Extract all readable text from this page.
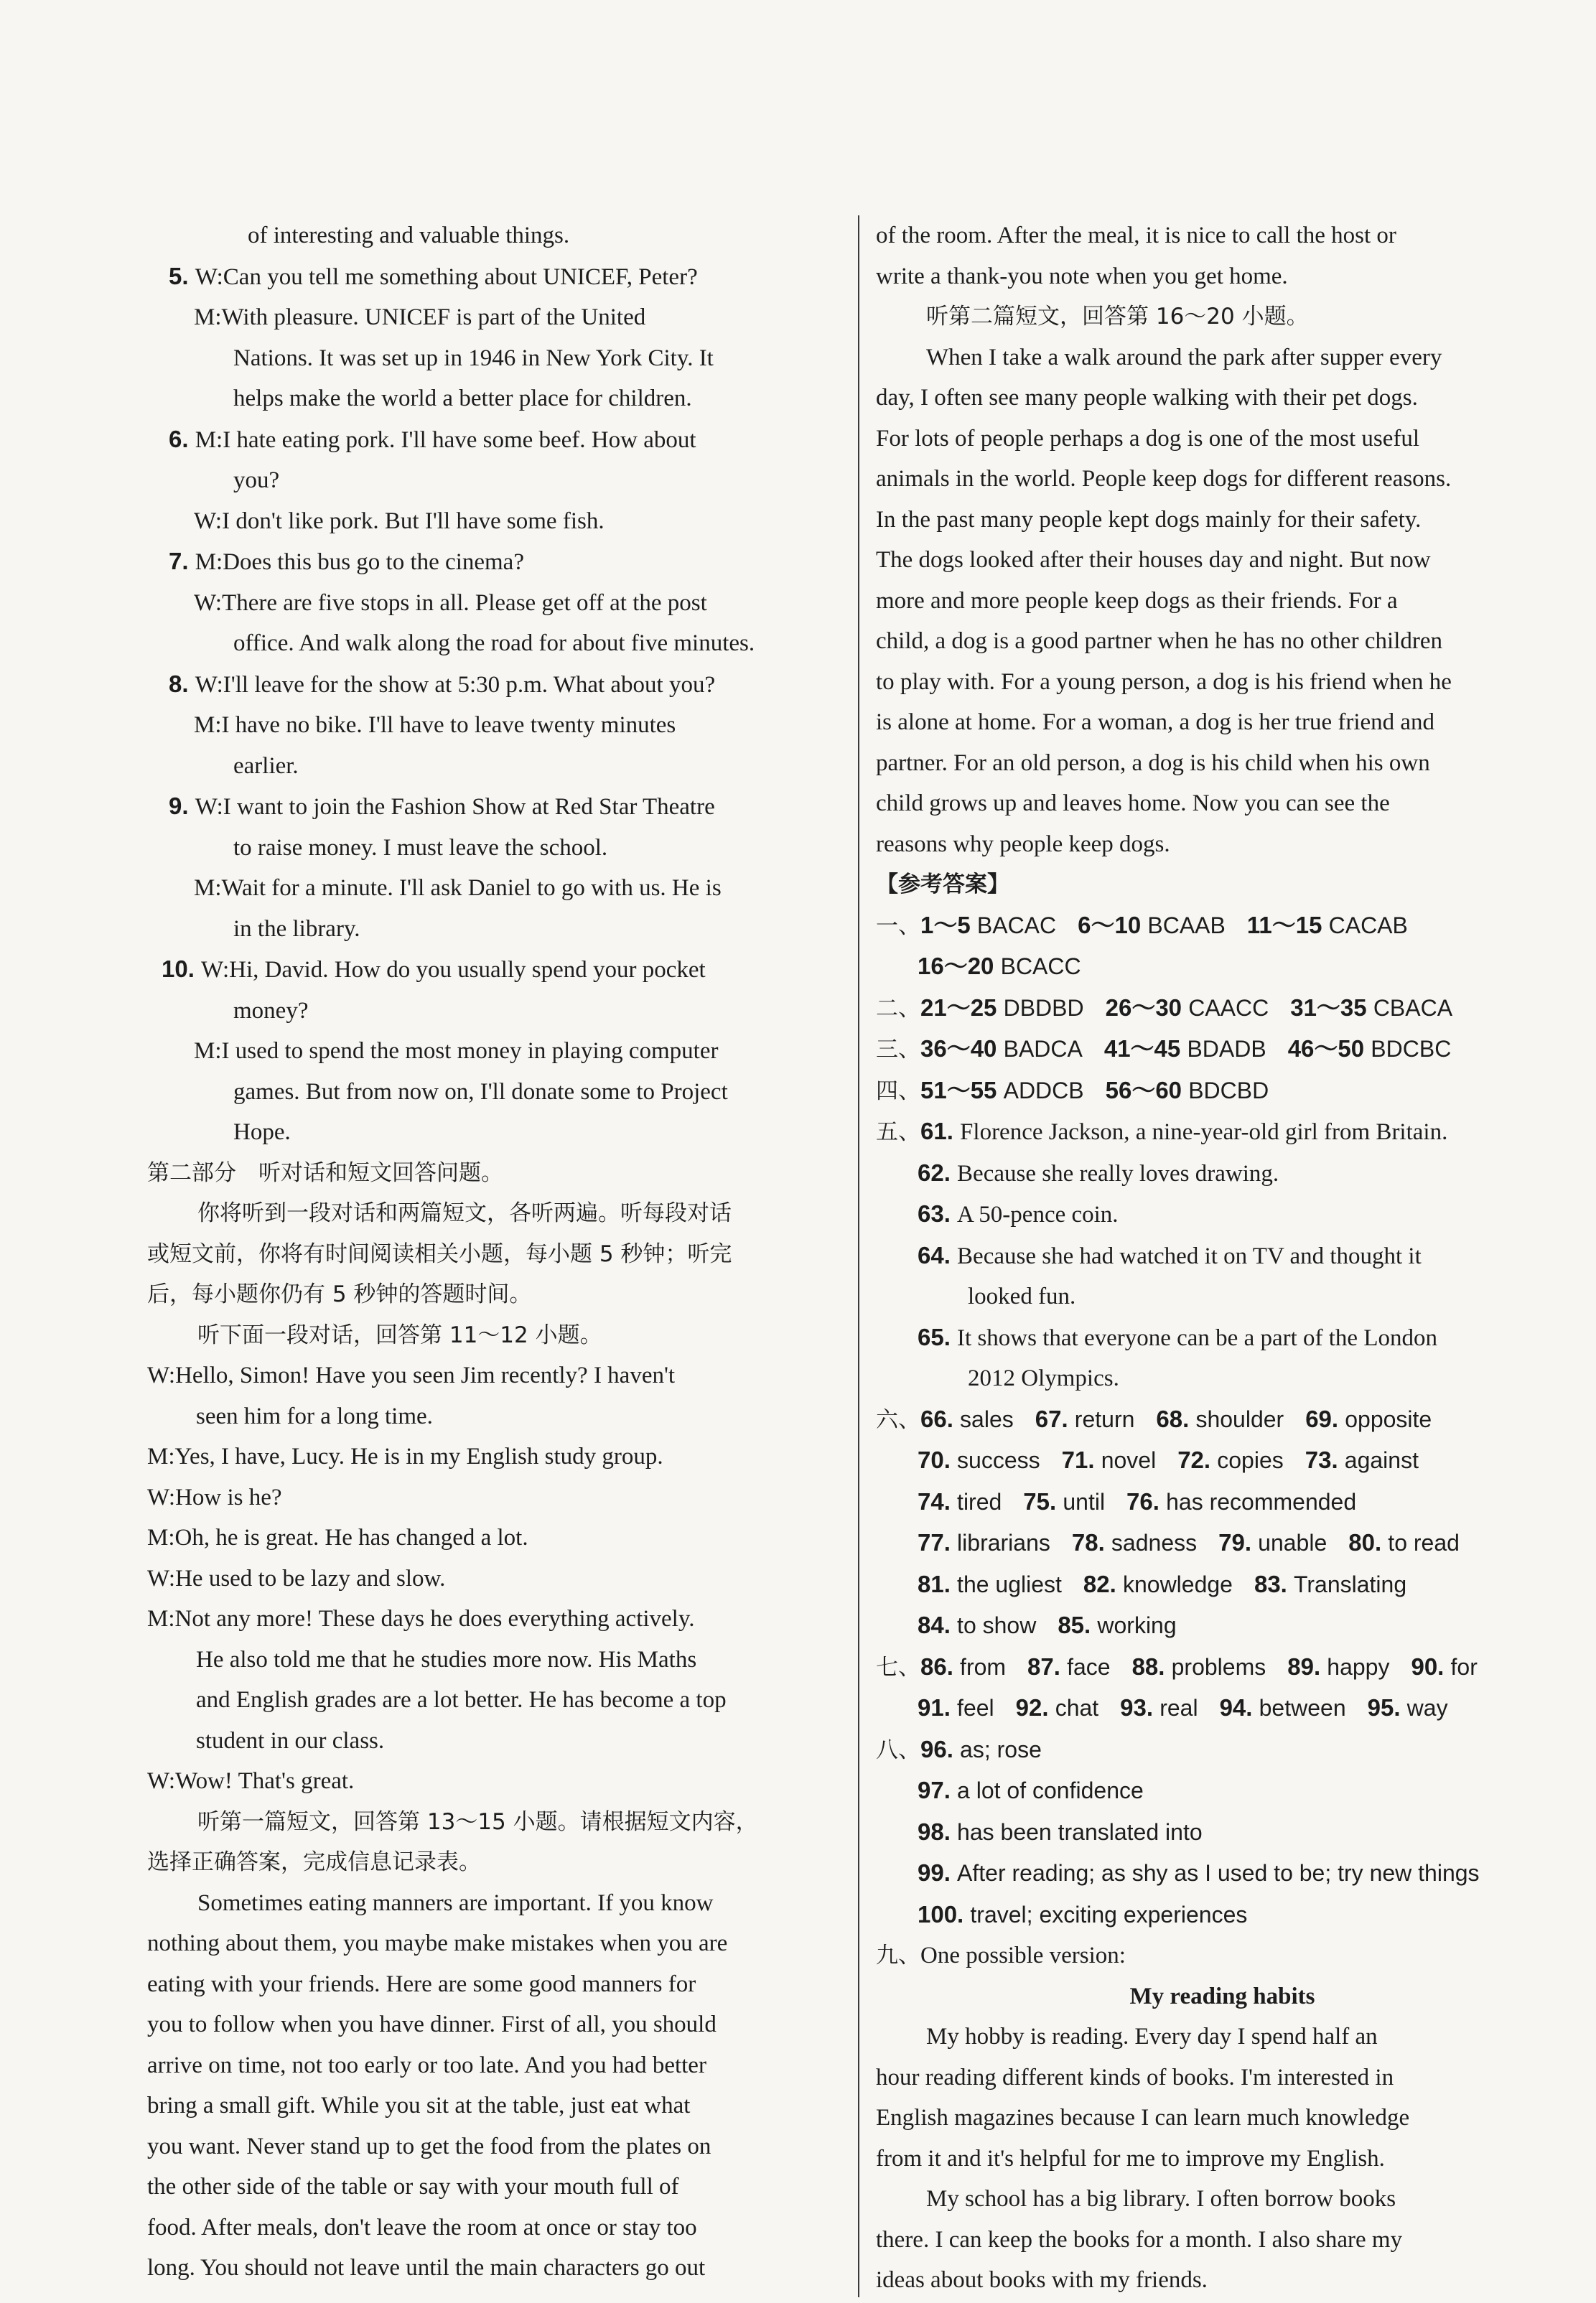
of interesting and valuable things.
5. W:Can you tell me something about UNICEF, Peter?
M:With pleasure. UNICEF is part of the United
Nations. It was set up in 1946 in New York City. It
helps make the world a better place for children.
6. M:I hate eating pork. I'll have some beef. How about
you?
W:I don't like pork. But I'll have some fish.
7. M:Does this bus go to the cinema?
W:There are five stops in all. Please get off at the post
office. And walk along the road for about five minutes.
8. W:I'll leave for the show at 5:30 p.m. What about you?
M:I have no bike. I'll have to leave twenty minutes
earlier.
9. W:I want to join the Fashion Show at Red Star Theatre
to raise money. I must leave the school.
M:Wait for a minute. I'll ask Daniel to go with us. He is
in the library.
10. W:Hi, David. How do you usually spend your pocket
money?
M:I used to spend the most money in playing computer
games. But from now on, I'll donate some to Project
Hope.
第二部分　听对话和短文回答问题。
你将听到一段对话和两篇短文，各听两遍。听每段对话
或短文前，你将有时间阅读相关小题，每小题 5 秒钟；听完
后，每小题你仍有 5 秒钟的答题时间。
听下面一段对话，回答第 11～12 小题。
W:Hello, Simon! Have you seen Jim recently? I haven't
seen him for a long time.
M:Yes, I have, Lucy. He is in my English study group.
W:How is he?
M:Oh, he is great. He has changed a lot.
W:He used to be lazy and slow.
M:Not any more! These days he does everything actively.
He also told me that he studies more now. His Maths
and English grades are a lot better. He has become a top
student in our class.
W:Wow! That's great.
听第一篇短文，回答第 13～15 小题。请根据短文内容，
选择正确答案，完成信息记录表。
Sometimes eating manners are important. If you know
nothing about them, you maybe make mistakes when you are
eating with your friends. Here are some good manners for
you to follow when you have dinner. First of all, you should
arrive on time, not too early or too late. And you had better
bring a small gift. While you sit at the table, just eat what
you want. Never stand up to get the food from the plates on
the other side of the table or say with your mouth full of
food. After meals, don't leave the room at once or stay too
long. You should not leave until the main characters go out
of the room. After the meal, it is nice to call the host or
write a thank-you note when you get home.
听第二篇短文，回答第 16～20 小题。
When I take a walk around the park after supper every
day, I often see many people walking with their pet dogs.
For lots of people perhaps a dog is one of the most useful
animals in the world. People keep dogs for different reasons.
In the past many people kept dogs mainly for their safety.
The dogs looked after their houses day and night. But now
more and more people keep dogs as their friends. For a
child, a dog is a good partner when he has no other children
to play with. For a young person, a dog is his friend when he
is alone at home. For a woman, a dog is her true friend and
partner. For an old person, a dog is his child when his own
child grows up and leaves home. Now you can see the
reasons why people keep dogs.
【参考答案】
一、1～5 BACAC 6～10 BCAAB 11～15 CACAB
16～20 BCACC
二、21～25 DBDBD 26～30 CAACC 31～35 CBACA
三、36～40 BADCA 41～45 BDADB 46～50 BDCBC
四、51～55 ADDCB 56～60 BDCBD
五、61. Florence Jackson, a nine-year-old girl from Britain.
62. Because she really loves drawing.
63. A 50-pence coin.
64. Because she had watched it on TV and thought it
looked fun.
65. It shows that everyone can be a part of the London
2012 Olympics.
六、66. sales 67. return 68. shoulder 69. opposite
70. success 71. novel 72. copies 73. against
74. tired 75. until 76. has recommended
77. librarians 78. sadness 79. unable 80. to read
81. the ugliest 82. knowledge 83. Translating
84. to show 85. working
七、86. from 87. face 88. problems 89. happy 90. for
91. feel 92. chat 93. real 94. between 95. way
八、96. as; rose
97. a lot of confidence
98. has been translated into
99. After reading; as shy as I used to be; try new things
100. travel; exciting experiences
九、One possible version:
My reading habits
My hobby is reading. Every day I spend half an
hour reading different kinds of books. I'm interested in
English magazines because I can learn much knowledge
from it and it's helpful for me to improve my English.
My school has a big library. I often borrow books
there. I can keep the books for a month. I also share my
ideas about books with my friends.
